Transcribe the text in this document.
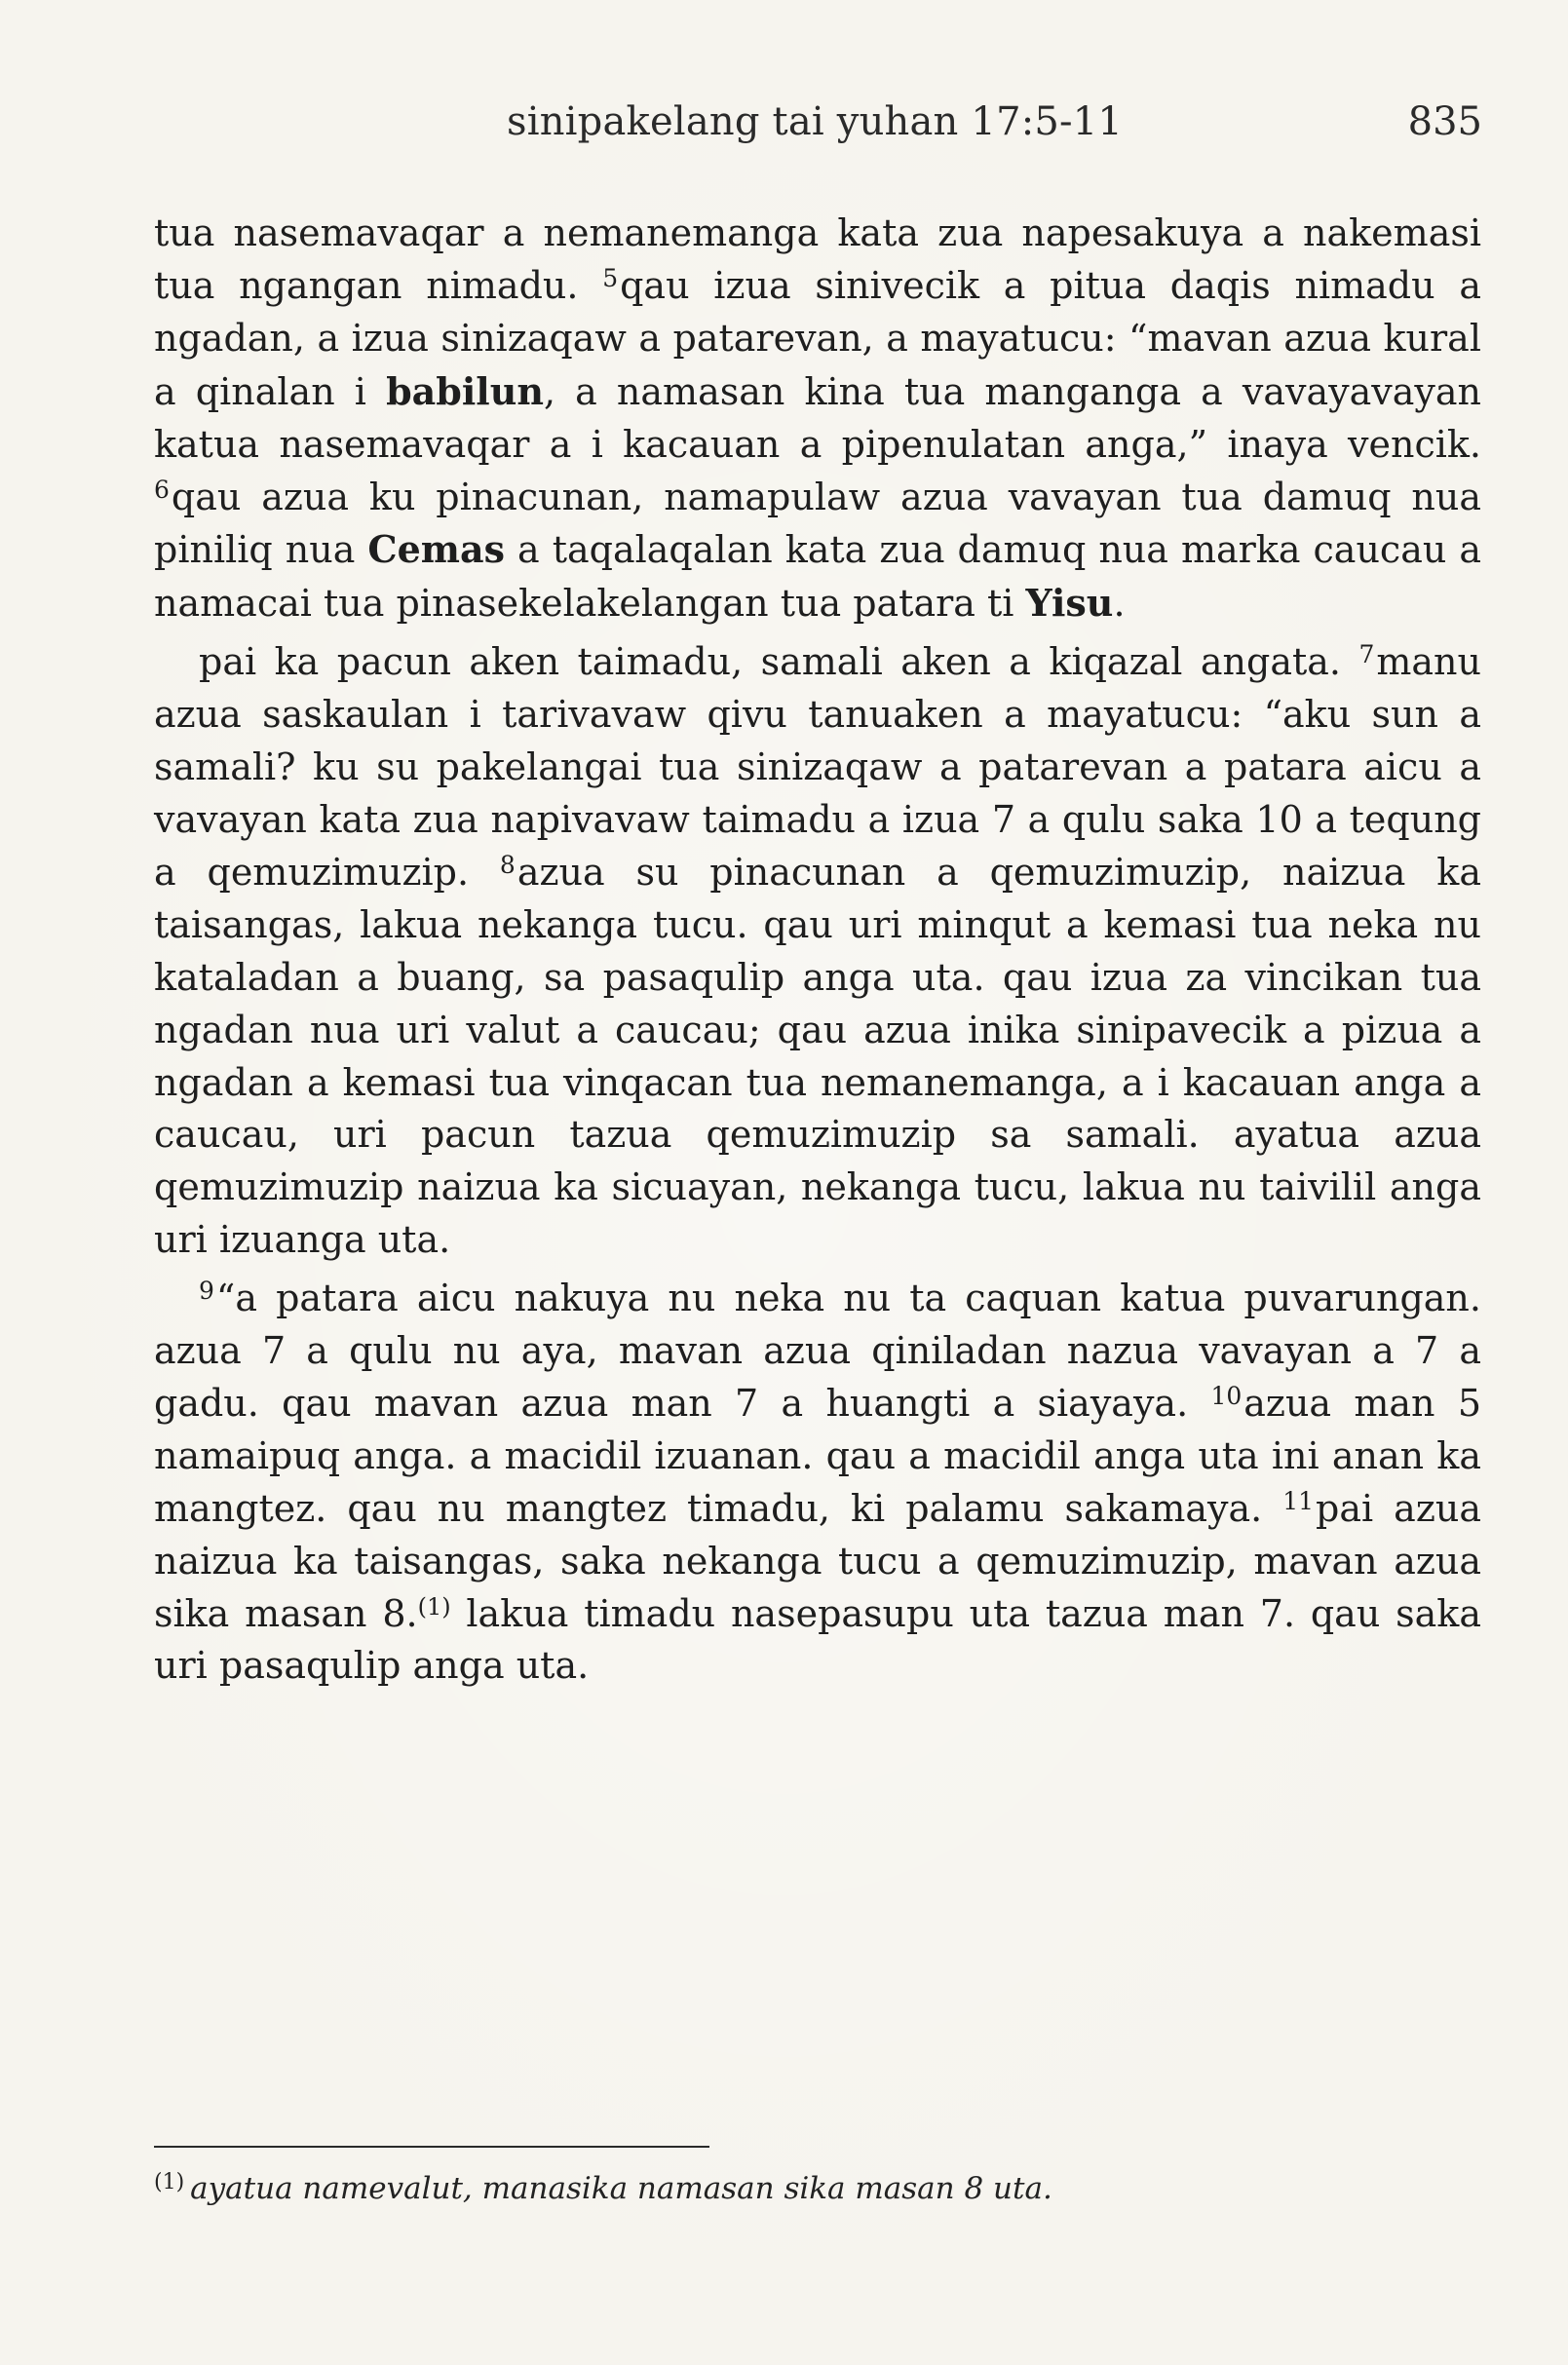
sinipakelang tai yuhan 17:5-11	835

tua nasemavaqar a nemanemanga kata zua napesakuya a nakemasi tua ngangan nimadu. $^5$qau izua sinivecik a pitua daqis nimadu a ngadan, a izua sinizaqaw a patarevan, a mayatucu: “mavan azua kural a qinalan i babilun, a namasan kina tua manganga a vavayavayan katua nasemavaqar a i kacauan a pipenulatan anga,” inaya vencik. $^6$qau azua ku pinacunan, namapulaw azua vavayan tua damuq nua piniliq nua Cemas a taqalaqalan kata zua damuq nua marka caucau a namacai tua pinasekelakelangan tua patara ti Yisu.

pai ka pacun aken taimadu, samali aken a kiqazal angata. $^7$manu azua saskaulan i tarivavaw qivu tanuaken a mayatucu: “aku sun a samali? ku su pakelangai tua sinizaqaw a patarevan a patara aicu a vavayan kata zua napivavaw taimadu a izua 7 a qulu saka 10 a tequng a qemuzimuzip. $^8$azua su pinacunan a qemuzimuzip, naizua ka taisangas, lakua nekanga tucu. qau uri minqut a kemasi tua neka nu kataladan a buang, sa pasaqulip anga uta. qau izua za vincikan tua ngadan nua uri valut a caucau; qau azua inika sinipavecik a pizua a ngadan a kemasi tua vinqacan tua nemanemanga, a i kacauan anga a caucau, uri pacun tazua qemuzimuzip sa samali. ayatua azua qemuzimuzip naizua ka sicuayan, nekanga tucu, lakua nu taivilil anga uri izuanga uta.

$^9$“a patara aicu nakuya nu neka nu ta caquan katua puvarungan. azua 7 a qulu nu aya, mavan azua qiniladan nazua vavayan a 7 a gadu. qau mavan azua man 7 a huangti a siayaya. $^{10}$azua man 5 namaipuq anga. a macidil izuanan. qau a macidil anga uta ini anan ka mangtez. qau nu mangtez timadu, ki palamu sakamaya. $^{11}$pai azua naizua ka taisangas, saka nekanga tucu a qemuzimuzip, mavan azua sika masan 8.$^{(1)}$ lakua timadu nasepasupu uta tazua man 7. qau saka uri pasaqulip anga uta.

$^{(1)}$ ayatua namevalut, manasika namasan sika masan 8 uta.
